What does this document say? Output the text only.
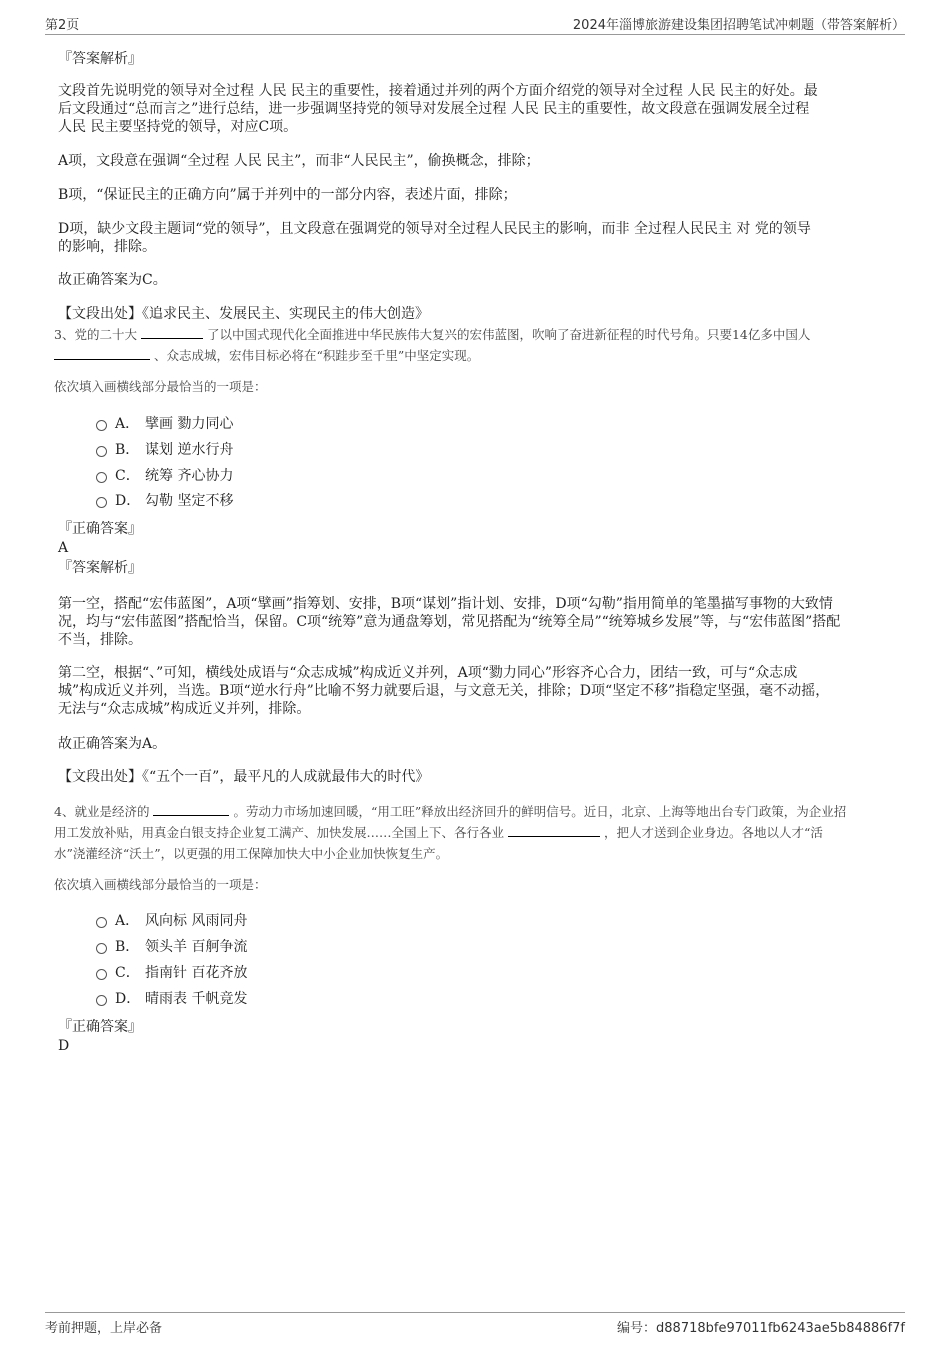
第2页	2024年淄博旅游建设集团招聘笔试冲刺题（带答案解析）
『答案解析』
文段首先说明党的领导对全过程 人民 民主的重要性，接着通过并列的两个方面介绍党的领导对全过程 人民 民主的好处。最
后文段通过“总而言之”进行总结，进一步强调坚持党的领导对发展全过程 人民 民主的重要性，故文段意在强调发展全过程
人民 民主要坚持党的领导，对应C项。
A项，文段意在强调“全过程 人民 民主”，而非“人民民主”，偷换概念，排除；
B项，“保证民主的正确方向”属于并列中的一部分内容，表述片面，排除；
D项，缺少文段主题词“党的领导”，且文段意在强调党的领导对全过程人民民主的影响，而非 全过程人民民主 对 党的领导
的影响，排除。
故正确答案为C。
【文段出处】《追求民主、发展民主、实现民主的伟大创造》
3、党的二十大	了以中国式现代化全面推进中华民族伟大复兴的宏伟蓝图，吹响了奋进新征程的时代号角。只要14亿多中国人
、众志成城，宏伟目标必将在“积跬步至千里”中坚定实现。
依次填入画横线部分最恰当的一项是：
A． 擘画 勠力同心
B． 谋划 逆水行舟
C． 统筹 齐心协力
D． 勾勒 坚定不移
『正确答案』
A
『答案解析』
第一空，搭配“宏伟蓝图”，A项“擘画”指筹划、安排，B项“谋划”指计划、安排，D项“勾勒”指用简单的笔墨描写事物的大致情
况，均与“宏伟蓝图”搭配恰当，保留。C项“统筹”意为通盘筹划，常见搭配为“统筹全局”“统筹城乡发展”等，与“宏伟蓝图”搭配
不当，排除。
第二空，根据“、”可知，横线处成语与“众志成城”构成近义并列，A项“勠力同心”形容齐心合力，团结一致，可与“众志成
城”构成近义并列，当选。B项“逆水行舟”比喻不努力就要后退，与文意无关，排除；D项“坚定不移”指稳定坚强，毫不动摇，
无法与“众志成城”构成近义并列，排除。
故正确答案为A。
【文段出处】《“五个一百”，最平凡的人成就最伟大的时代》
4、就业是经济的	。劳动力市场加速回暖，“用工旺”释放出经济回升的鲜明信号。近日，北京、上海等地出台专门政策，为企业招
用工发放补贴，用真金白银支持企业复工满产、加快发展……全国上下、各行各业	，把人才送到企业身边。各地以人才“活
水”浇灌经济“沃土”，以更强的用工保障加快大中小企业加快恢复生产。
依次填入画横线部分最恰当的一项是：
A． 风向标 风雨同舟
B． 领头羊 百舸争流
C． 指南针 百花齐放
D． 晴雨表 千帆竞发
『正确答案』
D
考前押题，上岸必备	编号：d88718bfe97011fb6243ae5b84886f7f
